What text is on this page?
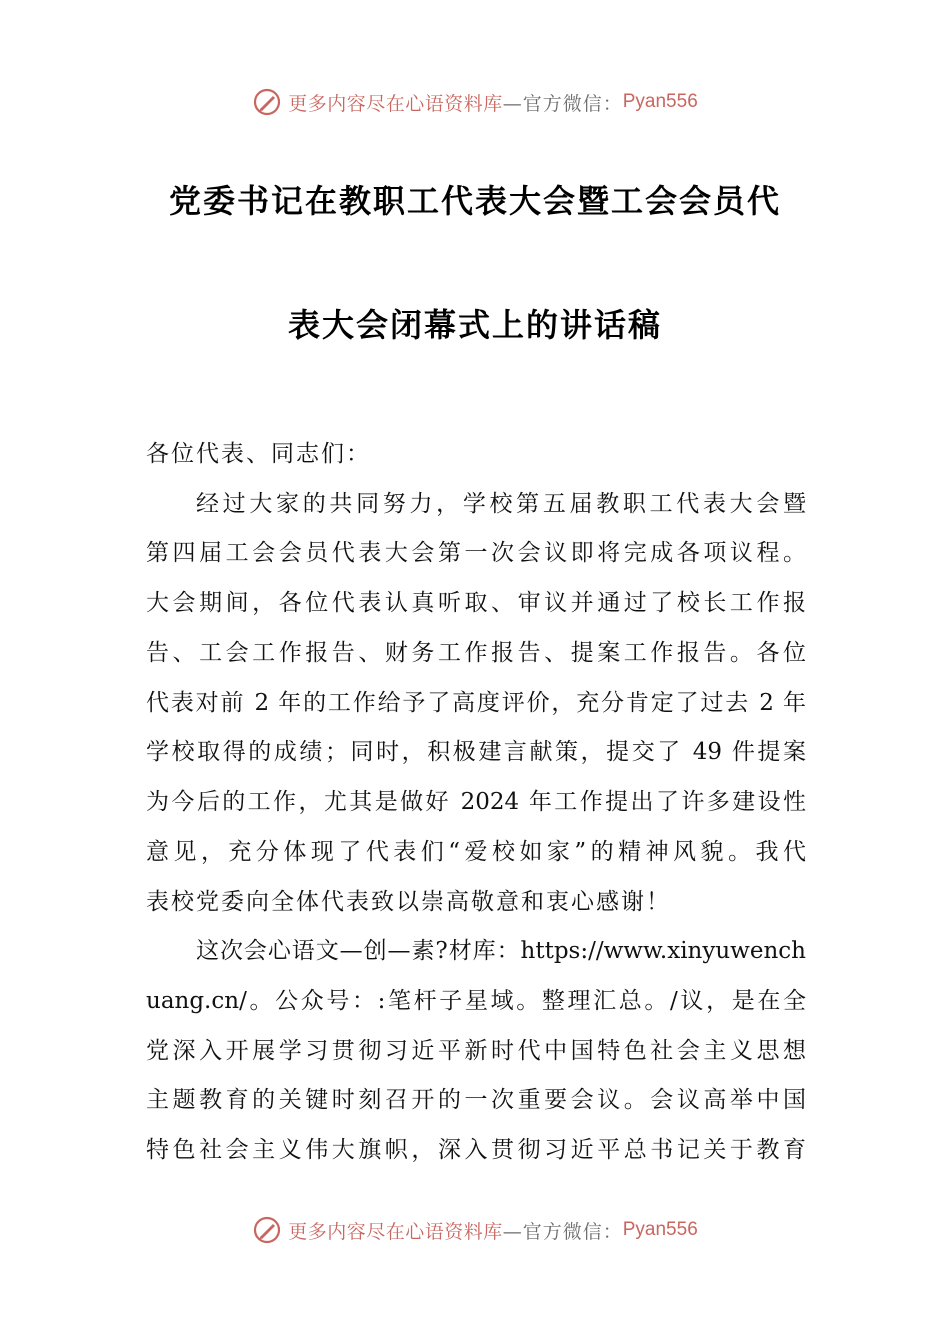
更多内容尽在心语资料库 —官方微信： Pyan556
党委书记在教职工代表大会暨工会会员代
表大会闭幕式上的讲话稿
各位代表、同志们：
经过大家的共同努力，学校第五届教职工代表大会暨
第四届工会会员代表大会第一次会议即将完成各项议程。
大会期间，各位代表认真听取、审议并通过了校长工作报
告、工会工作报告、财务工作报告、提案工作报告。各位
代表对前 2 年的工作给予了高度评价，充分肯定了过去 2 年
学校取得的成绩；同时，积极建言献策，提交了 49 件提案
为今后的工作，尤其是做好 2024 年工作提出了许多建设性
意见，充分体现了代表们“爱校如家”的精神风貌。我代
表校党委向全体代表致以崇高敬意和衷心感谢！
这次会心语文—创—素?材库：https://www.xinyuwench
uang.cn/。公众号：:笔杆子星域。整理汇总。/议，是在全
党深入开展学习贯彻习近平新时代中国特色社会主义思想
主题教育的关键时刻召开的一次重要会议。会议高举中国
特色社会主义伟大旗帜，深入贯彻习近平总书记关于教育
更多内容尽在心语资料库 —官方微信： Pyan556
